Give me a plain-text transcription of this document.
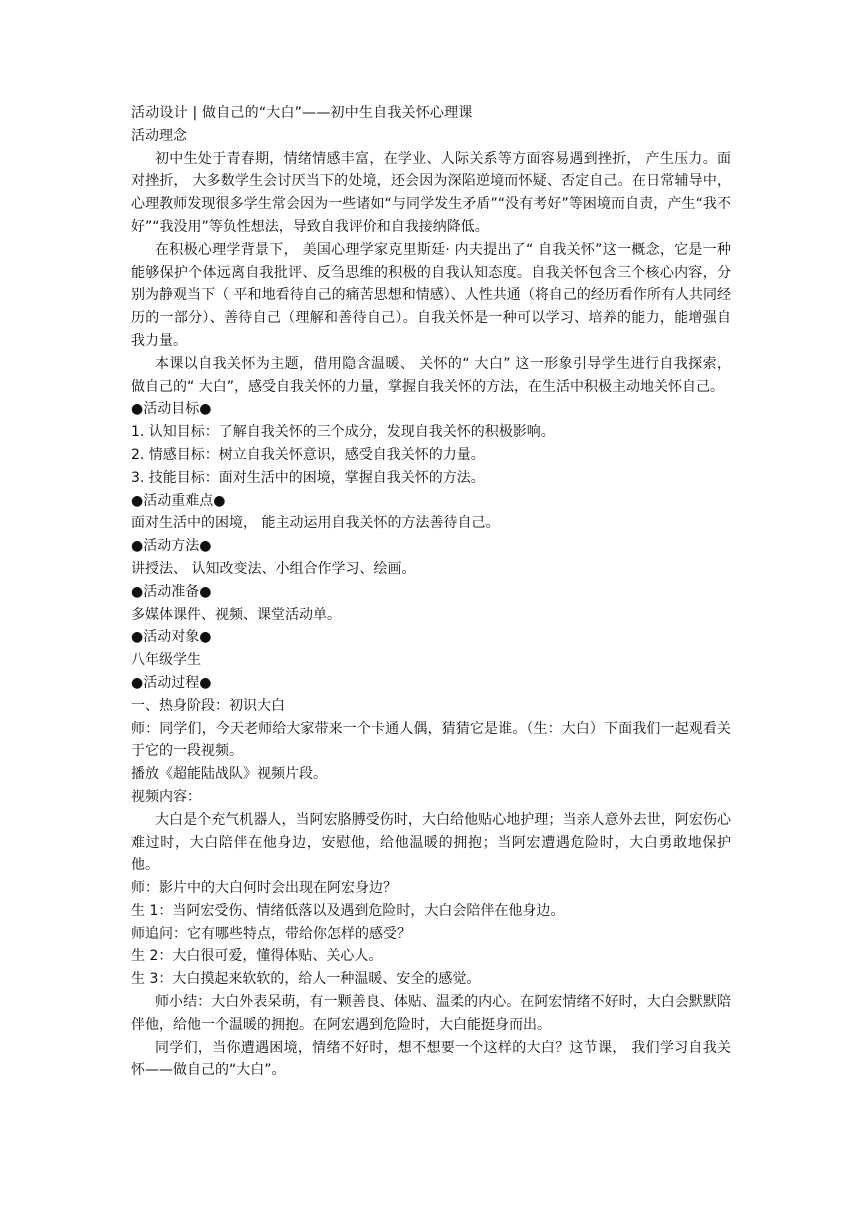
活动设计 | 做自己的“大白”——初中生自我关怀心理课

活动理念

初中生处于青春期，情绪情感丰富，在学业、人际关系等方面容易遇到挫折， 产生压力。面对挫折， 大多数学生会讨厌当下的处境，还会因为深陷逆境而怀疑、否定自己。在日常辅导中，心理教师发现很多学生常会因为一些诸如“与同学发生矛盾”“没有考好”等困境而自责，产生“我不好”“我没用”等负性想法，导致自我评价和自我接纳降低。

在积极心理学背景下， 美国心理学家克里斯廷· 内夫提出了“ 自我关怀”这一概念，它是一种能够保护个体远离自我批评、反刍思维的积极的自我认知态度。自我关怀包含三个核心内容，分别为静观当下（ 平和地看待自己的痛苦思想和情感）、人性共通（将自己的经历看作所有人共同经历的一部分）、善待自己（理解和善待自己）。自我关怀是一种可以学习、培养的能力，能增强自我力量。

本课以自我关怀为主题，借用隐含温暖、 关怀的“ 大白” 这一形象引导学生进行自我探索， 做自己的“ 大白”，感受自我关怀的力量，掌握自我关怀的方法，在生活中积极主动地关怀自己。

●活动目标●

1. 认知目标：了解自我关怀的三个成分，发现自我关怀的积极影响。

2. 情感目标：树立自我关怀意识，感受自我关怀的力量。

3. 技能目标：面对生活中的困境，掌握自我关怀的方法。

●活动重难点●

面对生活中的困境， 能主动运用自我关怀的方法善待自己。

●活动方法●

讲授法、 认知改变法、小组合作学习、绘画。

●活动准备●

多媒体课件、视频、课堂活动单。

●活动对象●

八年级学生

●活动过程●

一、热身阶段：初识大白

师：同学们，今天老师给大家带来一个卡通人偶，猜猜它是谁。（生：大白）下面我们一起观看关于它的一段视频。

播放《超能陆战队》视频片段。

视频内容：

大白是个充气机器人，当阿宏胳膊受伤时，大白给他贴心地护理；当亲人意外去世，阿宏伤心难过时，大白陪伴在他身边，安慰他，给他温暖的拥抱；当阿宏遭遇危险时，大白勇敢地保护他。

师：影片中的大白何时会出现在阿宏身边？

生 1：当阿宏受伤、情绪低落以及遇到危险时，大白会陪伴在他身边。

师追问：它有哪些特点，带给你怎样的感受？

生 2：大白很可爱，懂得体贴、关心人。

生 3：大白摸起来软软的，给人一种温暖、安全的感觉。

师小结：大白外表呆萌，有一颗善良、体贴、温柔的内心。在阿宏情绪不好时，大白会默默陪伴他，给他一个温暖的拥抱。在阿宏遇到危险时，大白能挺身而出。

同学们，当你遭遇困境，情绪不好时，想不想要一个这样的大白？这节课， 我们学习自我关怀——做自己的“大白”。
